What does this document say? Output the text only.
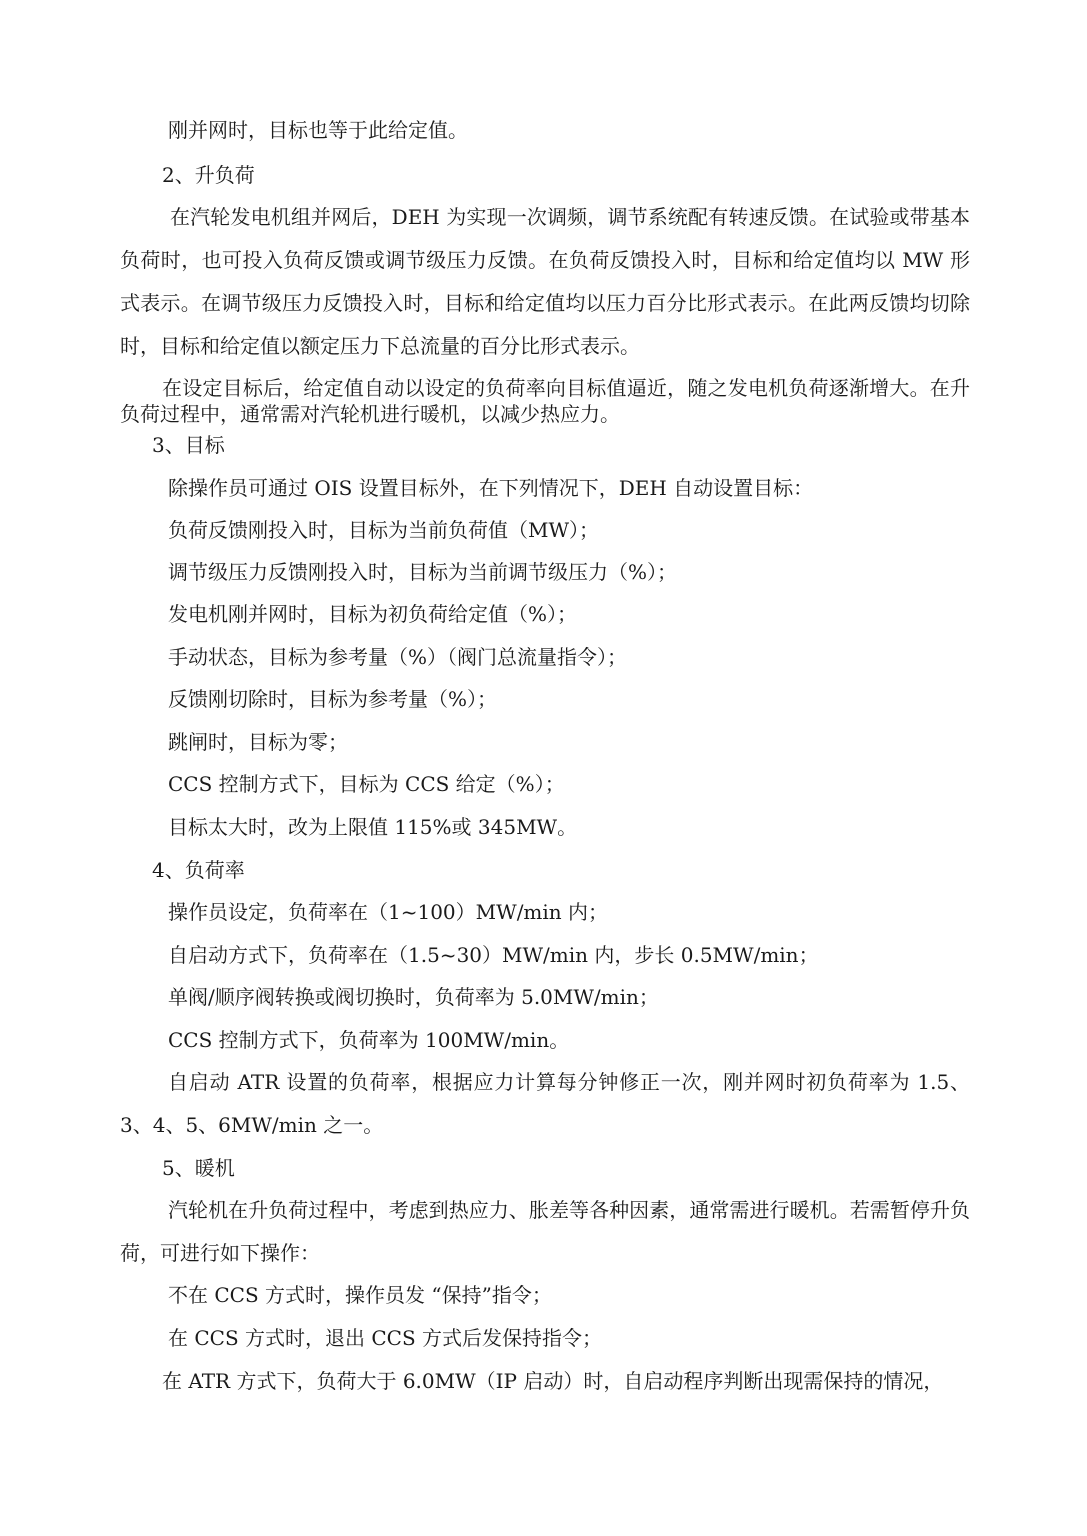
刚并网时，目标也等于此给定值。
2、升负荷
在汽轮发电机组并网后，DEH 为实现一次调频，调节系统配有转速反馈。在试验或带基本负荷时，也可投入负荷反馈或调节级压力反馈。在负荷反馈投入时，目标和给定值均以 MW 形式表示。在调节级压力反馈投入时，目标和给定值均以压力百分比形式表示。在此两反馈均切除时，目标和给定值以额定压力下总流量的百分比形式表示。
在设定目标后，给定值自动以设定的负荷率向目标值逼近，随之发电机负荷逐渐增大。在升负荷过程中，通常需对汽轮机进行暖机，以减少热应力。
3、目标
除操作员可通过 OIS 设置目标外，在下列情况下，DEH 自动设置目标：
负荷反馈刚投入时，目标为当前负荷值（MW）；
调节级压力反馈刚投入时，目标为当前调节级压力（%）；
发电机刚并网时，目标为初负荷给定值（%）；
手动状态，目标为参考量（%）（阀门总流量指令）；
反馈刚切除时，目标为参考量（%）；
跳闸时，目标为零；
CCS 控制方式下，目标为 CCS 给定（%）；
目标太大时，改为上限值 115%或 345MW。
4、负荷率
操作员设定，负荷率在（1~100）MW/min 内；
自启动方式下，负荷率在（1.5~30）MW/min 内，步长 0.5MW/min；
单阀/顺序阀转换或阀切换时，负荷率为 5.0MW/min；
CCS 控制方式下，负荷率为 100MW/min。
自启动 ATR 设置的负荷率，根据应力计算每分钟修正一次，刚并网时初负荷率为 1.5、3、4、5、6MW/min 之一。
5、暖机
汽轮机在升负荷过程中，考虑到热应力、胀差等各种因素，通常需进行暖机。若需暂停升负荷，可进行如下操作：
不在 CCS 方式时，操作员发 “保持”指令；
在 CCS 方式时，退出 CCS 方式后发保持指令；
在 ATR 方式下，负荷大于 6.0MW（IP 启动）时，自启动程序判断出现需保持的情况，
